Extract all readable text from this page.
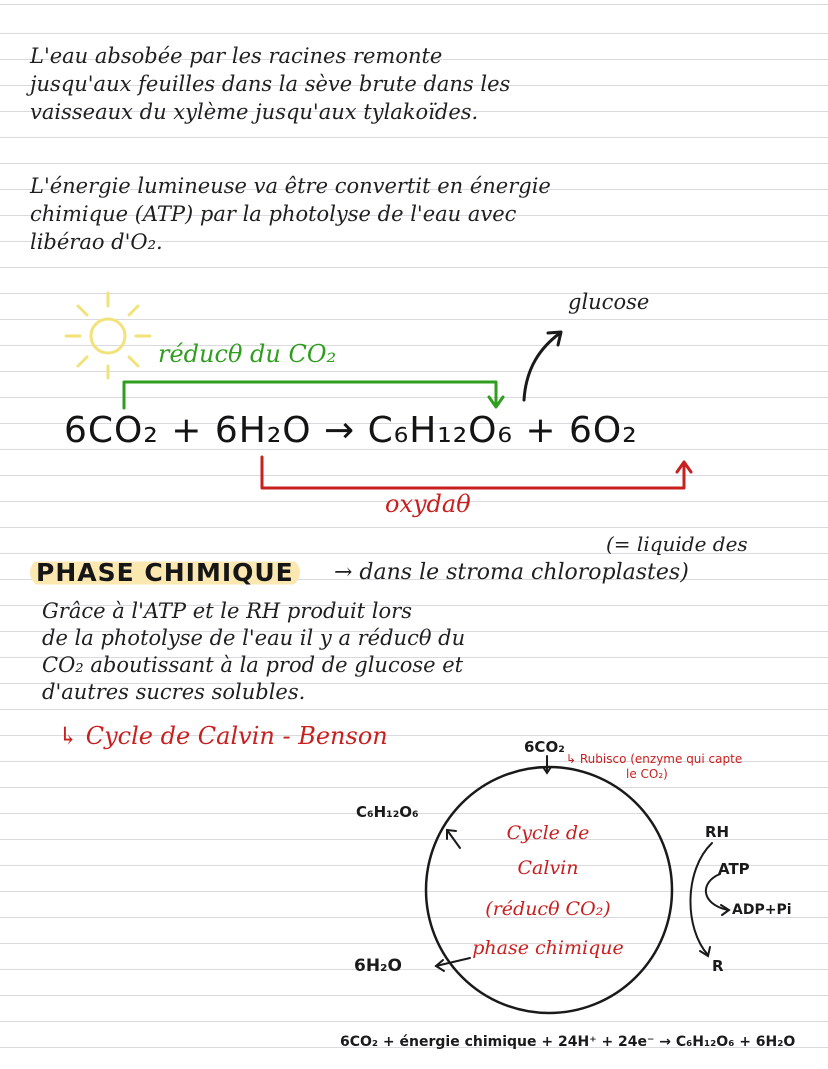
L'eau absobée par les racines remonte
jusqu'aux feuilles dans la sève brute dans les
vaisseaux du xylème jusqu'aux tylakoïdes.
L'énergie lumineuse va être convertit en énergie
chimique (ATP) par la photolyse de l'eau avec
libérao d'O₂.
réducθ du CO₂
glucose
6CO₂ + 6H₂O → C₆H₁₂O₆ + 6O₂
oxydaθ
(= liquide des
PHASE CHIMIQUE → dans le stroma chloroplastes)
Grâce à l'ATP et le RH produit lors
de la photolyse de l'eau il y a réducθ du
CO₂ aboutissant à la prod de glucose et
d'autres sucres solubles.
↳ Cycle de Calvin - Benson	6CO₂
↳ Rubisco (enzyme qui capte
le CO₂)
C₆H₁₂O₆
6H₂O
RH
ATP
ADP+Pi
R
Cycle de
Calvin
(réducθ CO₂)
phase chimique
6CO₂ + énergie chimique + 24H⁺ + 24e⁻ → C₆H₁₂O₆ + 6H₂O
